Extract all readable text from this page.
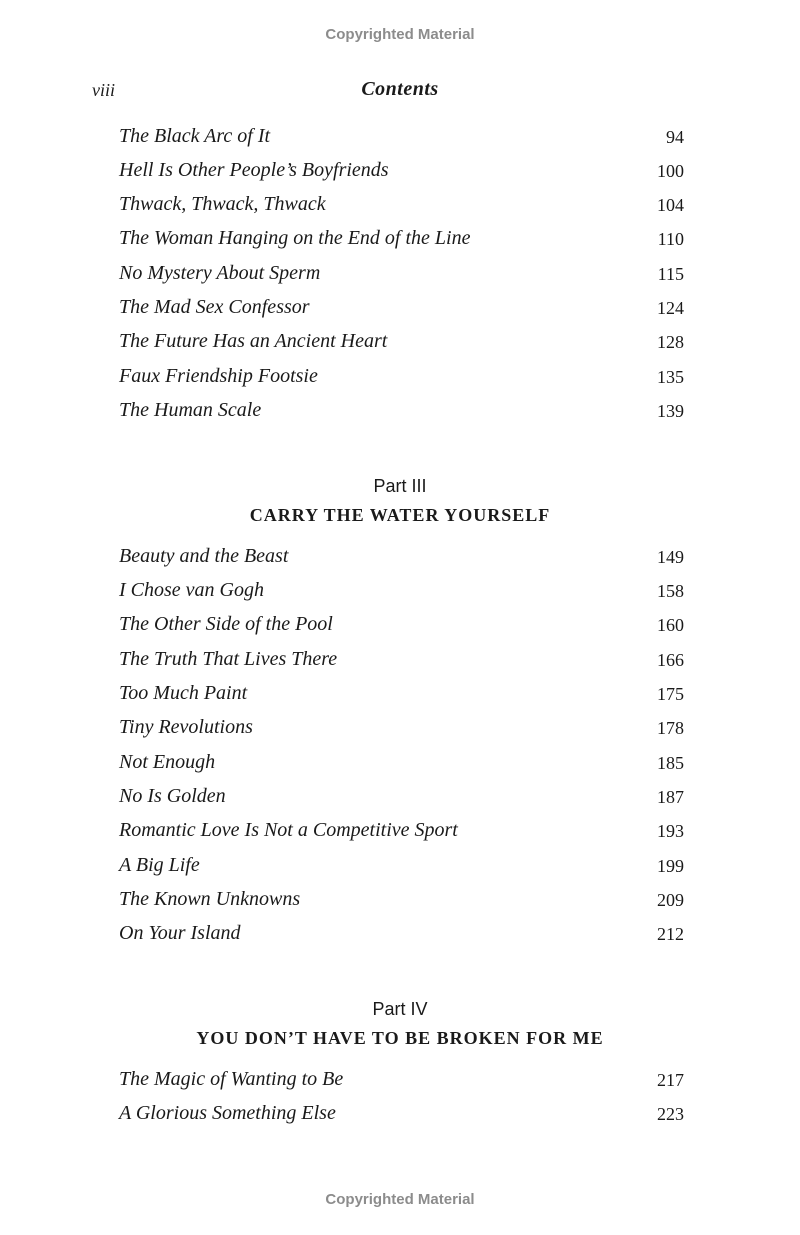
Copyrighted Material
viii	Contents
The Black Arc of It	94
Hell Is Other People’s Boyfriends	100
Thwack, Thwack, Thwack	104
The Woman Hanging on the End of the Line	110
No Mystery About Sperm	115
The Mad Sex Confessor	124
The Future Has an Ancient Heart	128
Faux Friendship Footsie	135
The Human Scale	139
Part III
CARRY THE WATER YOURSELF
Beauty and the Beast	149
I Chose van Gogh	158
The Other Side of the Pool	160
The Truth That Lives There	166
Too Much Paint	175
Tiny Revolutions	178
Not Enough	185
No Is Golden	187
Romantic Love Is Not a Competitive Sport	193
A Big Life	199
The Known Unknowns	209
On Your Island	212
Part IV
YOU DON’T HAVE TO BE BROKEN FOR ME
The Magic of Wanting to Be	217
A Glorious Something Else	223
Copyrighted Material
